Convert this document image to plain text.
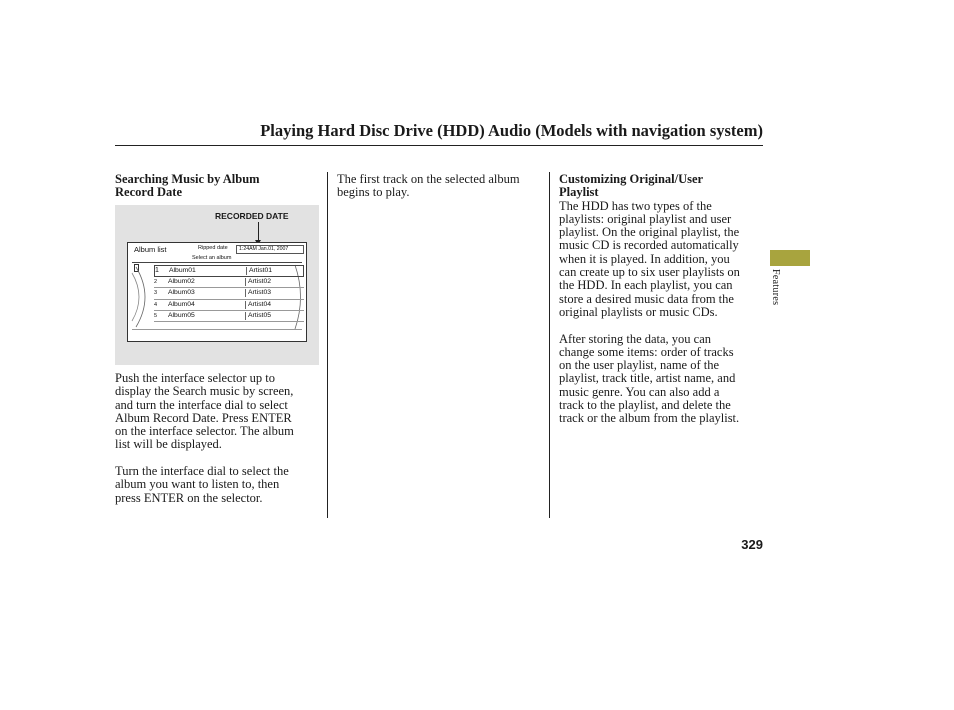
Playing Hard Disc Drive (HDD) Audio (Models with navigation system)

Searching Music by Album

Record Date

RECORDED DATE
Album list	Ripped date	1:24AM Jan.01, 2007
Select an album
1 Album01	Artist01
2 Album02	Artist02
3 Album03	Artist03
4 Album04	Artist04
5 Album05	Artist05

Push the interface selector up to

display the Search music by screen,

and turn the interface dial to select

Album Record Date. Press ENTER

on the interface selector. The album

list will be displayed.

Turn the interface dial to select the

album you want to listen to, then

press ENTER on the selector.

The first track on the selected album

begins to play.

Customizing Original/User

Playlist

The HDD has two types of the

playlists: original playlist and user

playlist. On the original playlist, the

music CD is recorded automatically

when it is played. In addition, you

can create up to six user playlists on

the HDD. In each playlist, you can

store a desired music data from the

original playlists or music CDs.

After storing the data, you can

change some items: order of tracks

on the user playlist, name of the

playlist, track title, artist name, and

music genre. You can also add a

track to the playlist, and delete the

track or the album from the playlist.

Features
329
